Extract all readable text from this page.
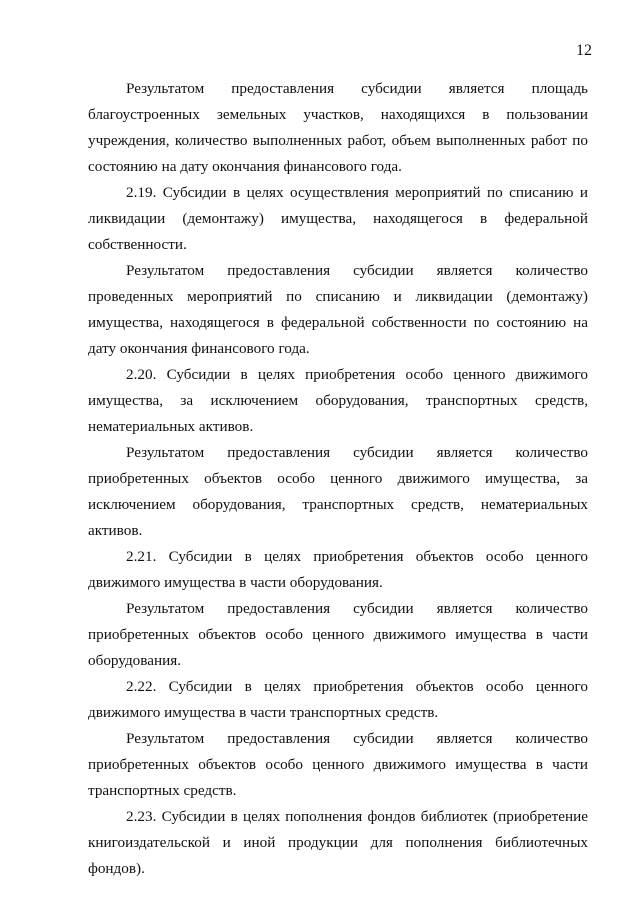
12

Результатом предоставления субсидии является площадь благоустроенных земельных участков, находящихся в пользовании учреждения, количество выполненных работ, объем выполненных работ по состоянию на дату окончания финансового года.

2.19. Субсидии в целях осуществления мероприятий по списанию и ликвидации (демонтажу) имущества, находящегося в федеральной собственности.

Результатом предоставления субсидии является количество проведенных мероприятий по списанию и ликвидации (демонтажу) имущества, находящегося в федеральной собственности по состоянию на дату окончания финансового года.

2.20. Субсидии в целях приобретения особо ценного движимого имущества, за исключением оборудования, транспортных средств, нематериальных активов.

Результатом предоставления субсидии является количество приобретенных объектов особо ценного движимого имущества, за исключением оборудования, транспортных средств, нематериальных активов.

2.21. Субсидии в целях приобретения объектов особо ценного движимого имущества в части оборудования.

Результатом предоставления субсидии является количество приобретенных объектов особо ценного движимого имущества в части оборудования.

2.22. Субсидии в целях приобретения объектов особо ценного движимого имущества в части транспортных средств.

Результатом предоставления субсидии является количество приобретенных объектов особо ценного движимого имущества в части транспортных средств.

2.23. Субсидии в целях пополнения фондов библиотек (приобретение книгоиздательской и иной продукции для пополнения библиотечных фондов).
